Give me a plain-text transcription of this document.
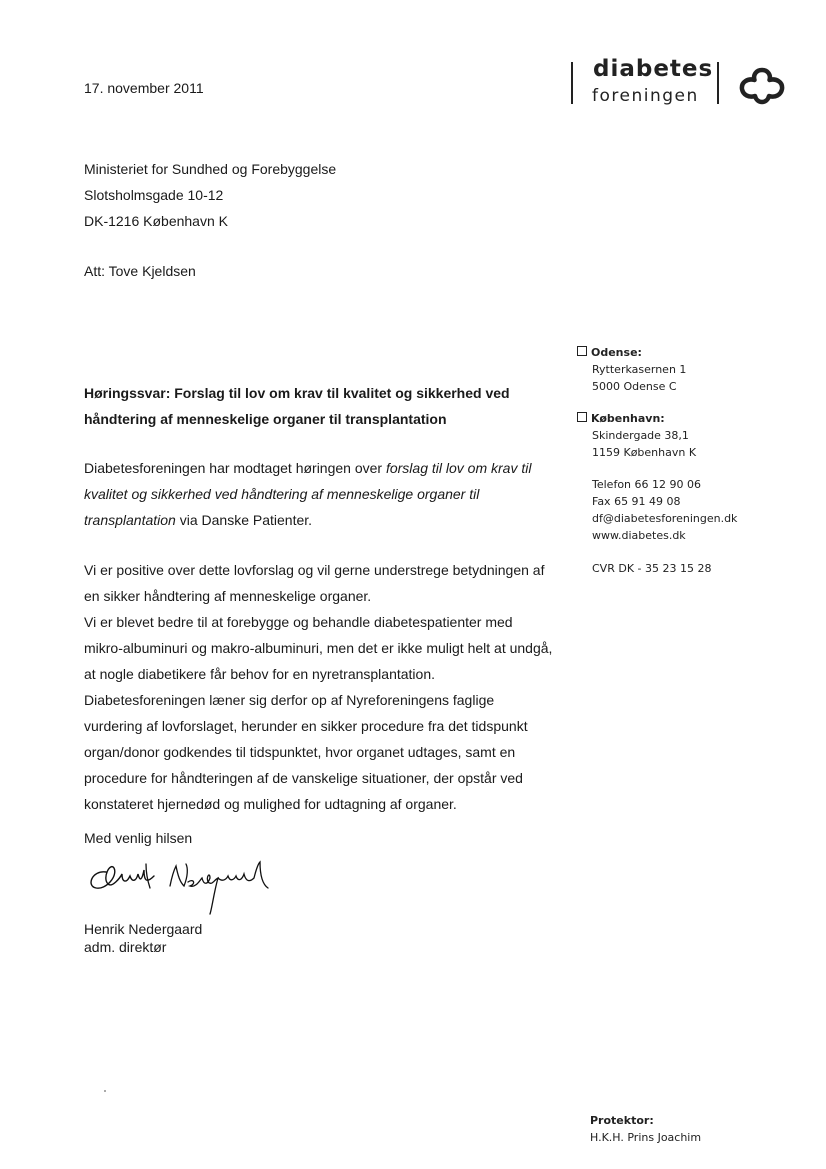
17. november 2011
diabetes
foreningen
Ministeriet for Sundhed og Forebyggelse
Slotsholmsgade 10-12
DK-1216 København K
Att: Tove Kjeldsen
Odense:
Rytterkasernen 1
5000 Odense C
København:
Skindergade 38,1
1159 København K
Telefon 66 12 90 06
Fax 65 91 49 08
df@diabetesforeningen.dk
www.diabetes.dk
CVR DK - 35 23 15 28
Protektor:
H.K.H. Prins Joachim
Høringssvar: Forslag til lov om krav til kvalitet og sikkerhed ved håndtering af menneskelige organer til transplantation
Diabetesforeningen har modtaget høringen over forslag til lov om krav til kvalitet og sikkerhed ved håndtering af menneskelige organer til transplantation via Danske Patienter.
Vi er positive over dette lovforslag og vil gerne understrege betydningen af en sikker håndtering af menneskelige organer.
Vi er blevet bedre til at forebygge og behandle diabetespatienter med mikro-albuminuri og makro-albuminuri, men det er ikke muligt helt at undgå, at nogle diabetikere får behov for en nyretransplantation.
Diabetesforeningen læner sig derfor op af Nyreforeningens faglige vurdering af lovforslaget, herunder en sikker procedure fra det tidspunkt organ/donor godkendes til tidspunktet, hvor organet udtages, samt en procedure for håndteringen af de vanskelige situationer, der opstår ved konstateret hjernedød og mulighed for udtagning af organer.
Med venlig hilsen
Henrik Nedergaard
adm. direktør
